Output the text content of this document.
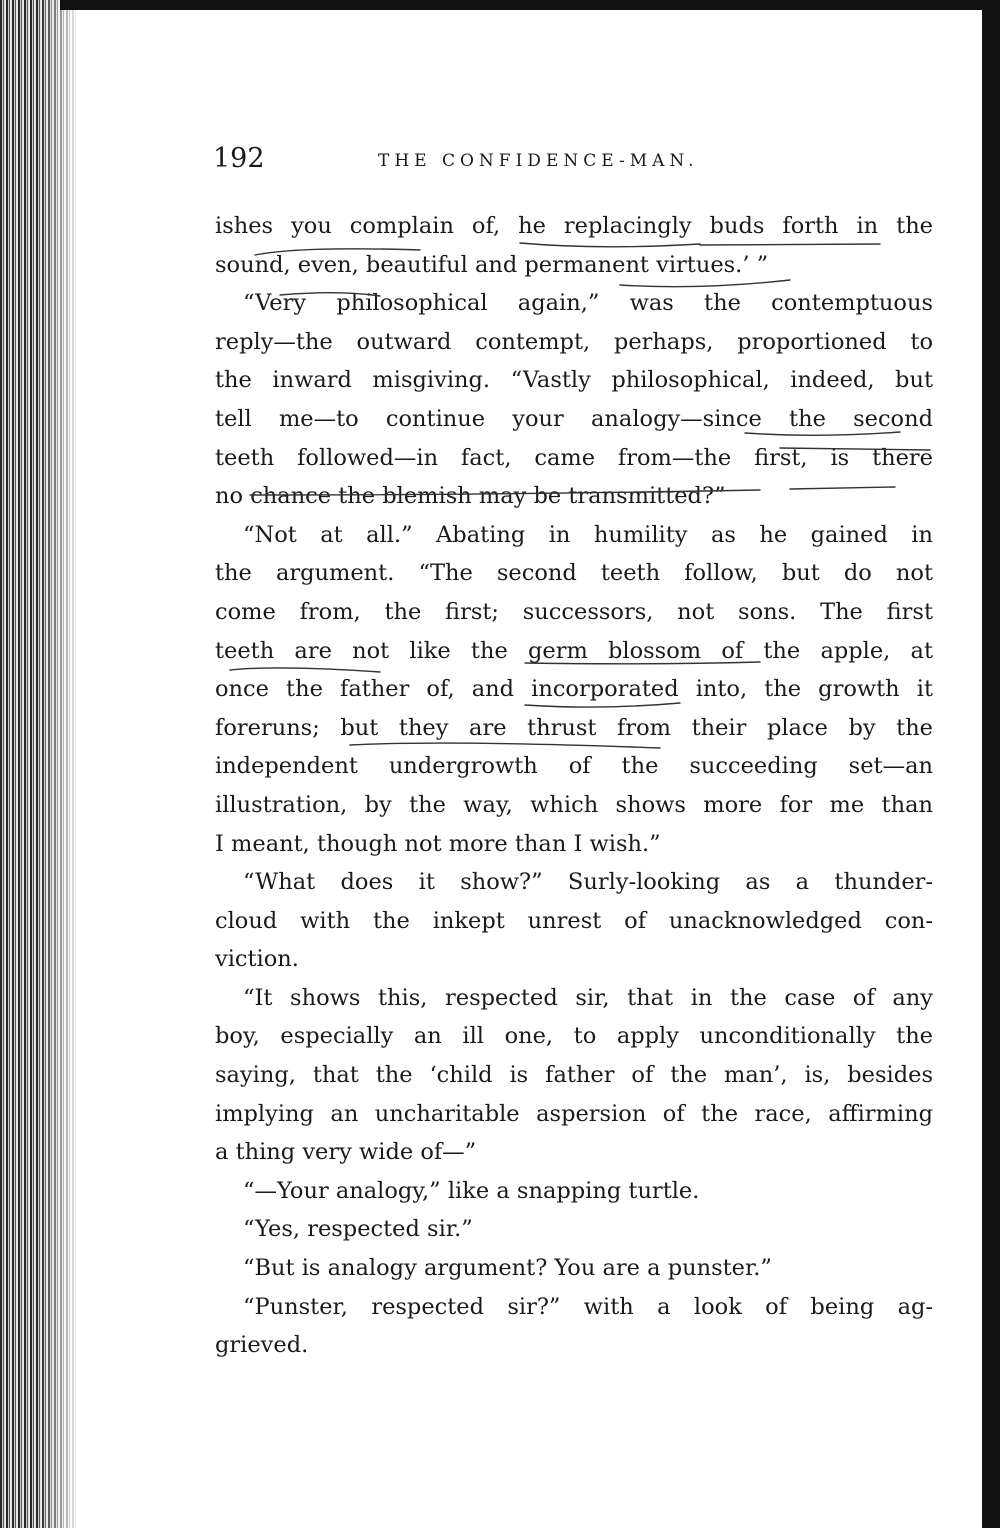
192	THE CONFIDENCE-MAN.
ishes you complain of, he replacingly buds forth in the
sound, even, beautiful and permanent virtues.’ ”
“Very philosophical again,” was the contemptuous
reply—the outward contempt, perhaps, proportioned to
the inward misgiving. “Vastly philosophical, indeed, but
tell me—to continue your analogy—since the second
teeth followed—in fact, came from—the first, is there
no chance the blemish may be transmitted?”
“Not at all.” Abating in humility as he gained in
the argument. “The second teeth follow, but do not
come from, the first; successors, not sons. The first
teeth are not like the germ blossom of the apple, at
once the father of, and incorporated into, the growth it
foreruns; but they are thrust from their place by the
independent undergrowth of the succeeding set—an
illustration, by the way, which shows more for me than
I meant, though not more than I wish.”
“What does it show?” Surly-looking as a thunder-
cloud with the inkept unrest of unacknowledged con-
viction.
“It shows this, respected sir, that in the case of any
boy, especially an ill one, to apply unconditionally the
saying, that the ‘child is father of the man’, is, besides
implying an uncharitable aspersion of the race, affirming
a thing very wide of—”
“—Your analogy,” like a snapping turtle.
“Yes, respected sir.”
“But is analogy argument? You are a punster.”
“Punster, respected sir?” with a look of being ag-
grieved.
